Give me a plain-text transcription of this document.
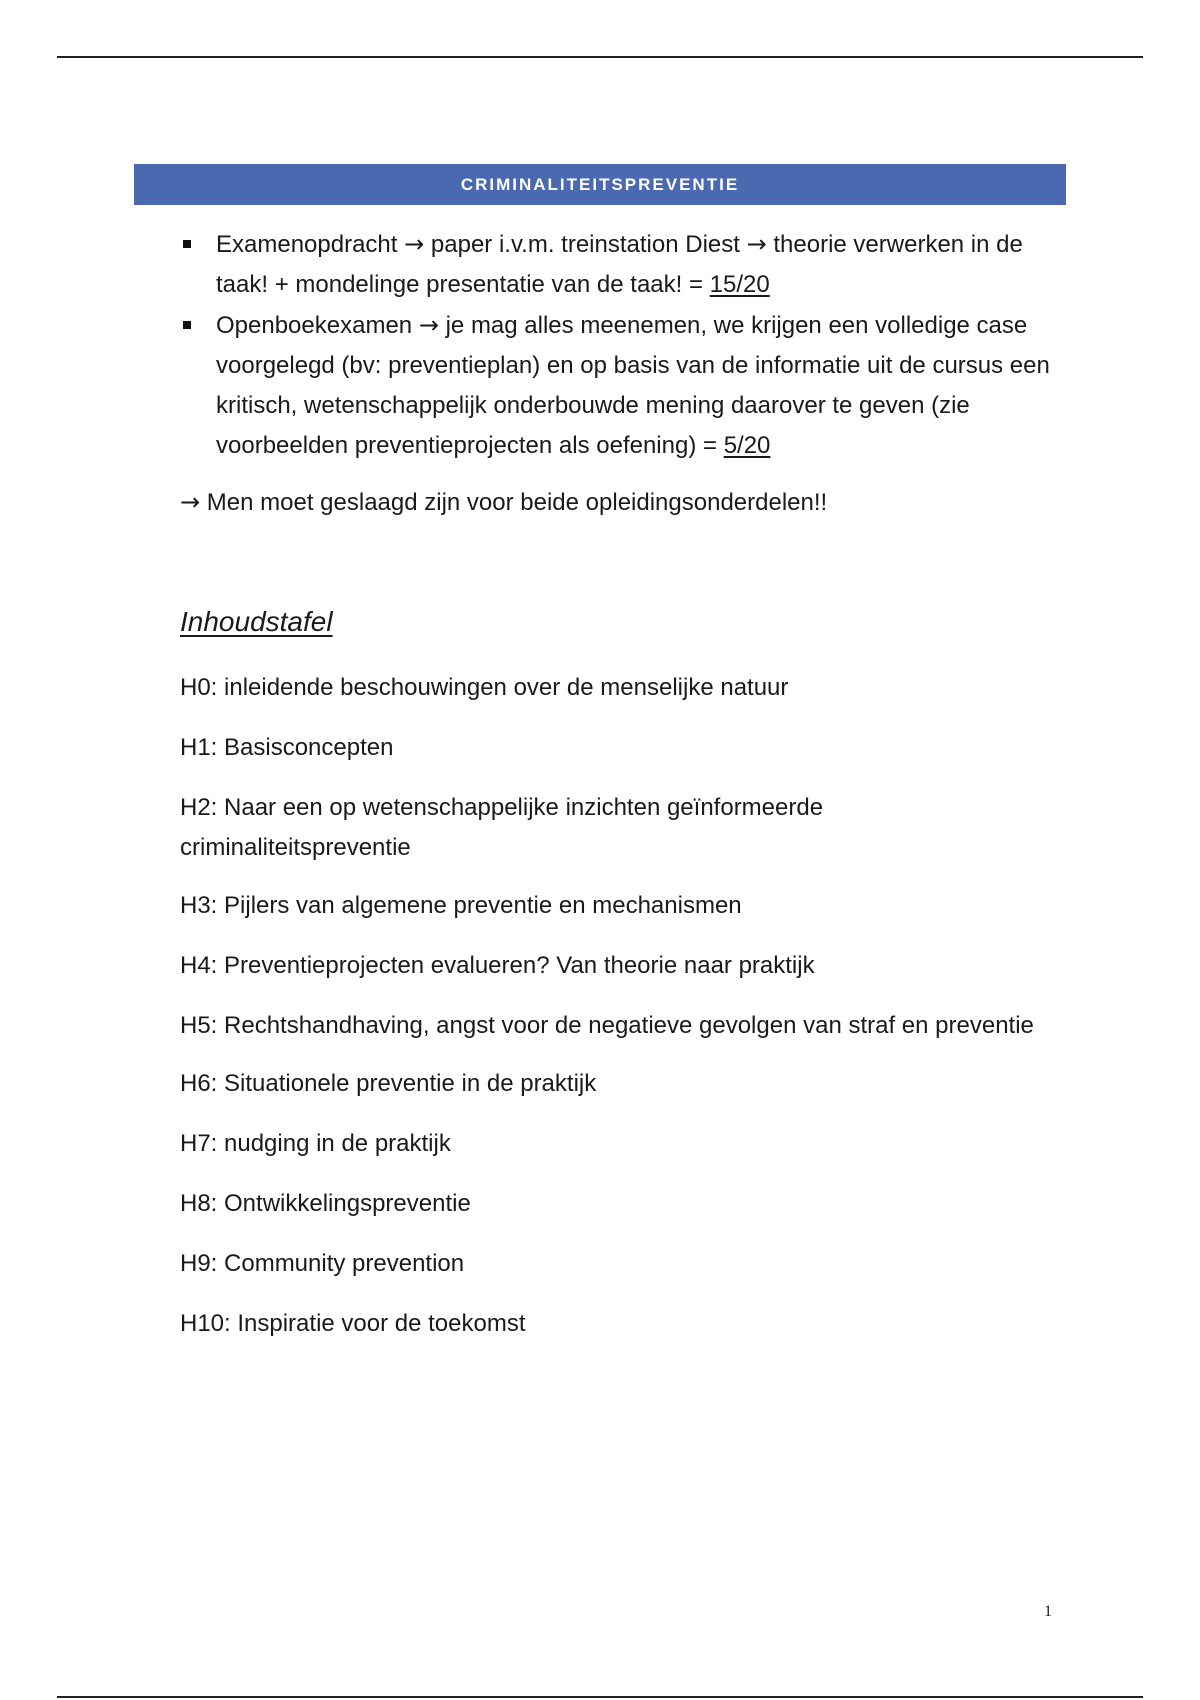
CRIMINALITEITSPREVENTIE
Examenopdracht → paper i.v.m. treinstation Diest → theorie verwerken in de taak! + mondelinge presentatie van de taak! = 15/20
Openboekexamen → je mag alles meenemen, we krijgen een volledige case voorgelegd (bv: preventieplan) en op basis van de informatie uit de cursus een kritisch, wetenschappelijk onderbouwde mening daarover te geven (zie voorbeelden preventieprojecten als oefening) = 5/20
→ Men moet geslaagd zijn voor beide opleidingsonderdelen!!
Inhoudstafel
H0: inleidende beschouwingen over de menselijke natuur
H1: Basisconcepten
H2: Naar een op wetenschappelijke inzichten geïnformeerde criminaliteitspreventie
H3: Pijlers van algemene preventie en mechanismen
H4: Preventieprojecten evalueren? Van theorie naar praktijk
H5: Rechtshandhaving, angst voor de negatieve gevolgen van straf en preventie
H6: Situationele preventie in de praktijk
H7: nudging in de praktijk
H8: Ontwikkelingspreventie
H9: Community prevention
H10: Inspiratie voor de toekomst
1
